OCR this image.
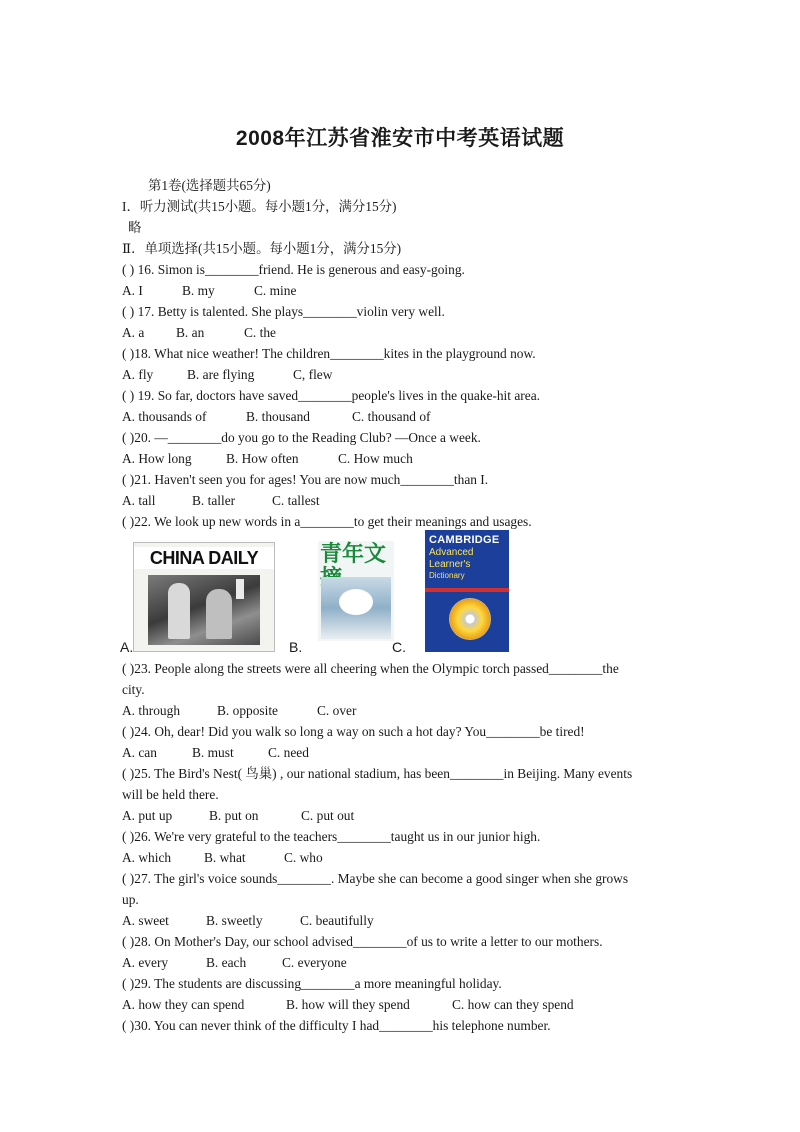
2008年江苏省淮安市中考英语试题
第1卷(选择题共65分)
I．听力测试(共15小题。每小题1分，满分15分)
略
Ⅱ．单项选择(共15小题。每小题1分，满分15分)
( ) 16. Simon is________friend. He is generous and easy-going.
A. I	B. my	C. mine
( ) 17. Betty is talented. She plays________violin very well.
A. a B. an	C. the
( )18. What nice weather! The children________kites in the playground now.
A. fly	B. are flying	C, flew
( ) 19. So far, doctors have saved________people's lives in the quake-hit area.
A. thousands of	B. thousand	C. thousand of
( )20. —________do you go to the Reading Club? —Once a week.
A. How long	B. How often	C. How much
( )21. Haven't seen you for ages! You are now much________than I.
A. tall	B. taller	C. tallest
( )22. We look up new words in a________to get their meanings and usages.
CHINA DAILY	青年文
CAMBRIDGE
Advanced
Learner's
Dictionary
A.	B.	C.
( )23. People along the streets were all cheering when the Olympic torch passed________the
city.
A. through	B. opposite	C. over
( )24. Oh, dear! Did you walk so long a way on such a hot day? You________be tired!
A. can	B. must	C. need
( )25. The Bird's Nest( 鸟巢) , our national stadium, has been________in Beijing. Many events
will be held there.
A. put up	B. put on	C. put out
( )26. We're very grateful to the teachers________taught us in our junior high.
A. which B. what	C. who
( )27. The girl's voice sounds________. Maybe she can become a good singer when she grows
up.
A. sweet	B. sweetly	C. beautifully
( )28. On Mother's Day, our school advised________of us to write a letter to our mothers.
A. every	B. each	C. everyone
( )29. The students are discussing________a more meaningful holiday.
A. how they can spend	B. how will they spend	C. how can they spend
( )30. You can never think of the difficulty I had________his telephone number.
